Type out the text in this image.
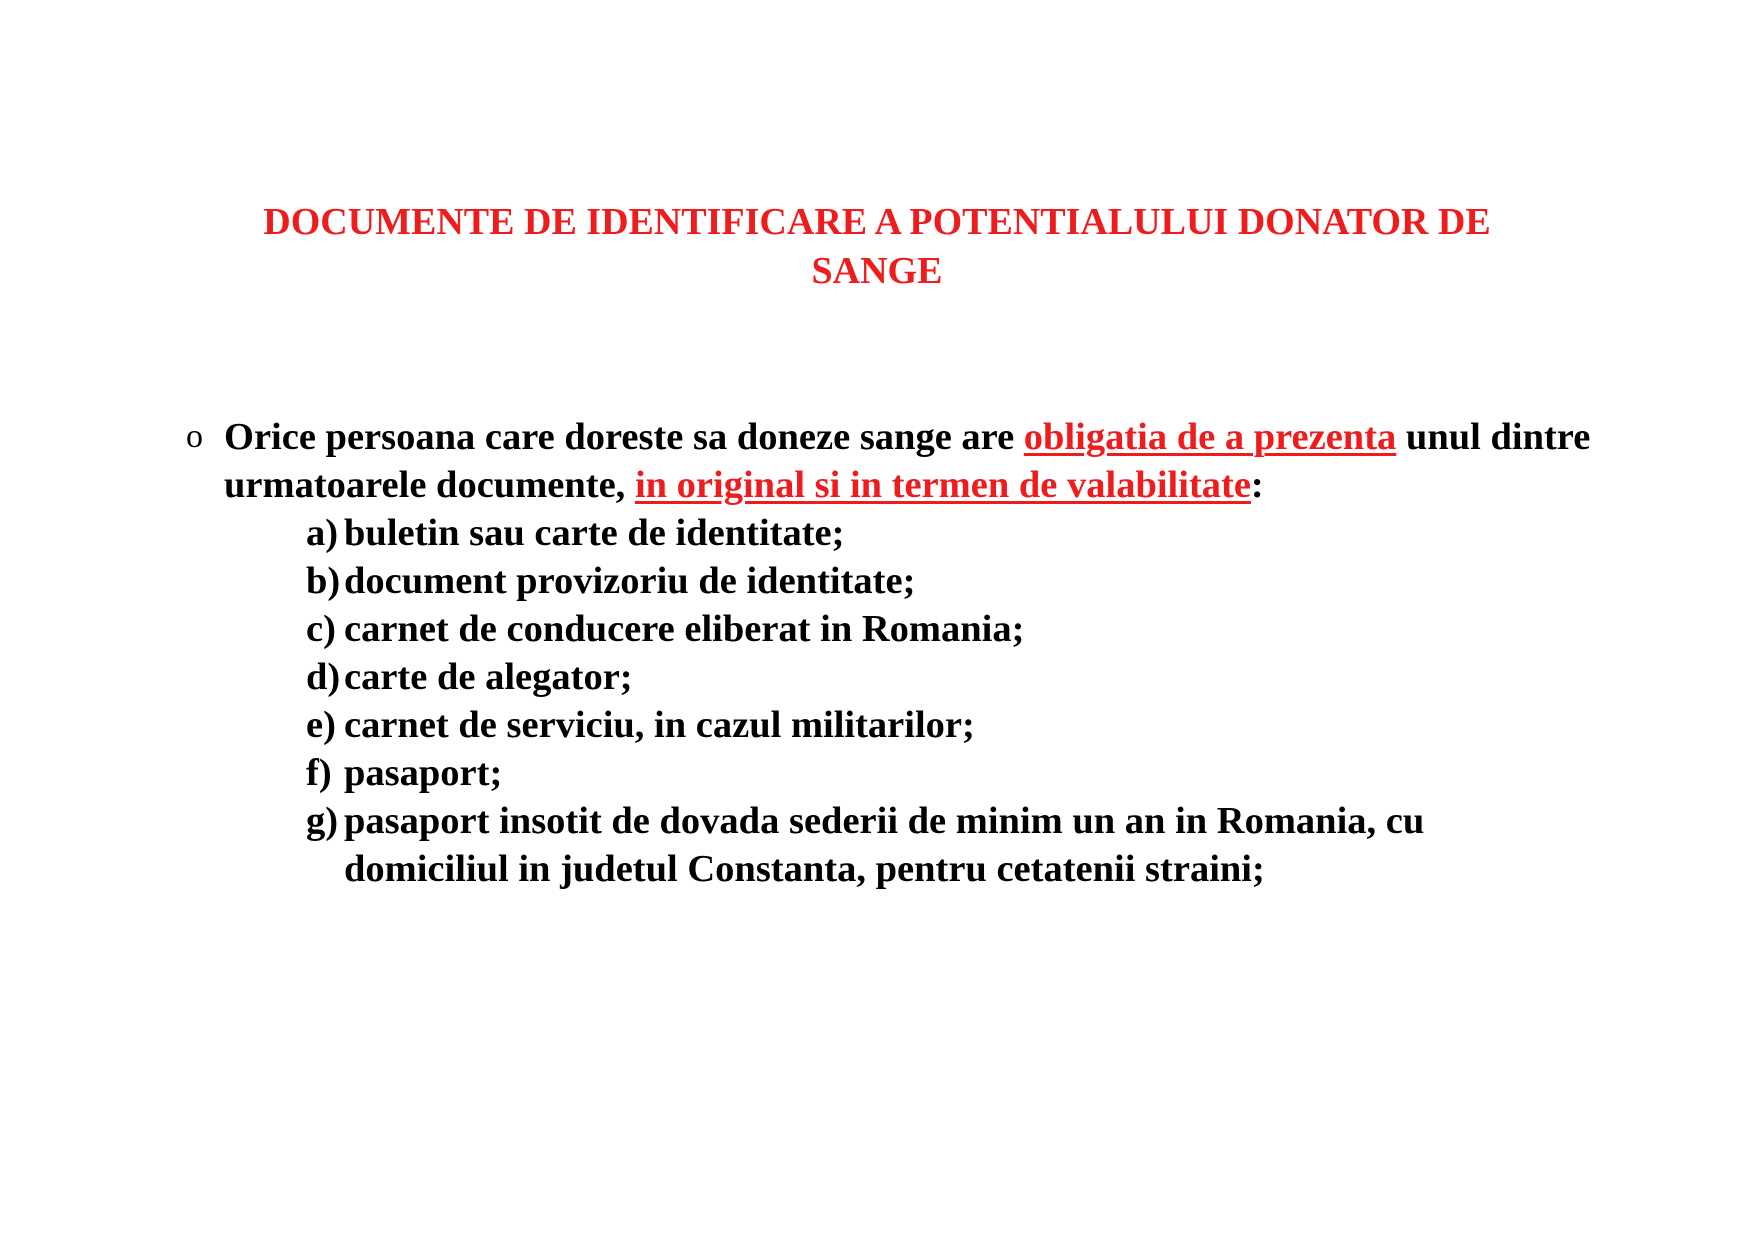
DOCUMENTE DE IDENTIFICARE A POTENTIALULUI DONATOR DE
SANGE
o Orice persoana care doreste sa doneze sange are obligatia de a prezenta unul dintre urmatoarele documente, in original si in termen de valabilitate:
a) buletin sau carte de identitate;
b) document provizoriu de identitate;
c) carnet de conducere eliberat in Romania;
d) carte de alegator;
e) carnet de serviciu, in cazul militarilor;
f) pasaport;
g) pasaport insotit de dovada sederii de minim un an in Romania, cu domiciliul in judetul Constanta, pentru cetatenii straini;
